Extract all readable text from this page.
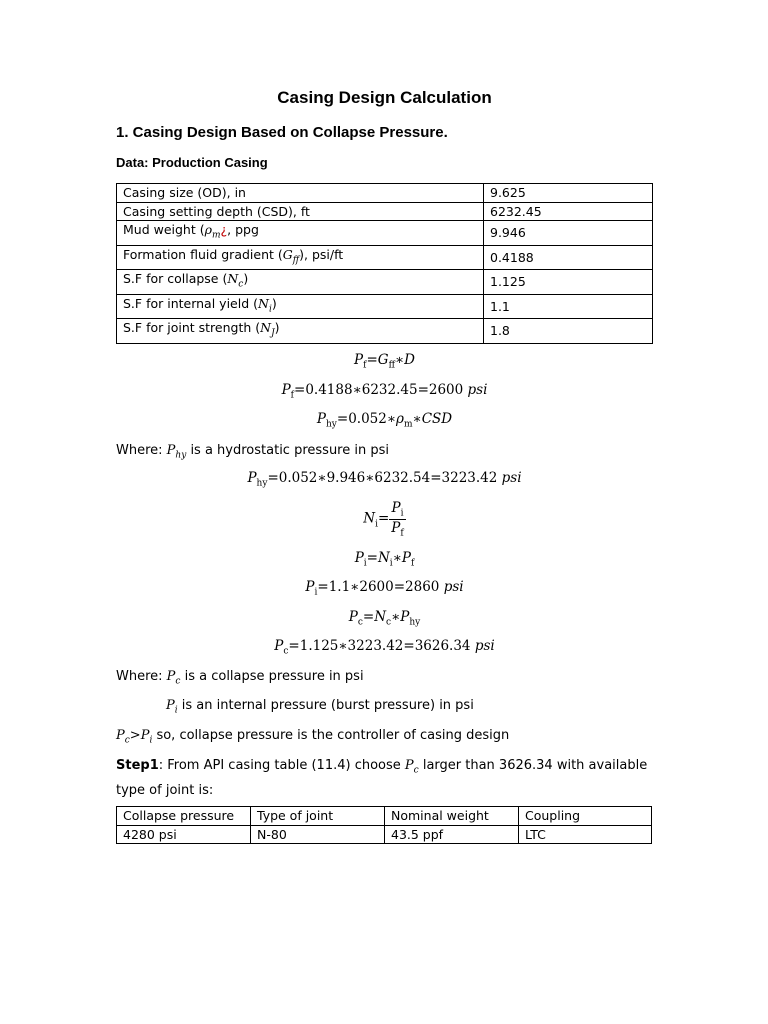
Casing Design Calculation
1. Casing Design Based on Collapse Pressure.
Data: Production Casing
Casing size (OD), in	9.625
Casing setting depth (CSD), ft	6232.45
Mud weight ($\rho_m¿$, ppg	9.946
Formation fluid gradient $(G_{ff})$, psi/ft	0.4188
S.F for collapse $(N_c)$	1.125
S.F for internal yield $(N_i)$	1.1
S.F for joint strength $(N_J)$	1.8
$P_f=G_{ff}∗D$
$P_f=0.4188∗6232.45=2600$ psi
$P_{hy}=0.052∗\rho_m∗CSD$
Where: $P_{hy}$ is a hydrostatic pressure in psi
$P_{hy}=0.052∗9.946∗6232.54=3223.42$ psi
$N_i= \frac{P_i}{P_f}$
$P_i=N_i∗P_f$
$P_i=1.1∗2600=2860$ psi
$P_c=N_c∗P_{hy}$
$P_c=1.125∗3223.42=3626.34$ psi
Where: $P_c$ is a collapse pressure in psi
$P_i$ is an internal pressure (burst pressure) in psi
$P_c>P_i$ so, collapse pressure is the controller of casing design
Step1: From API casing table (11.4) choose $P_c$ larger than 3626.34 with available
type of joint is:
Collapse pressure	Type of joint	Nominal weight	Coupling
4280 psi	N-80	43.5 ppf	LTC
